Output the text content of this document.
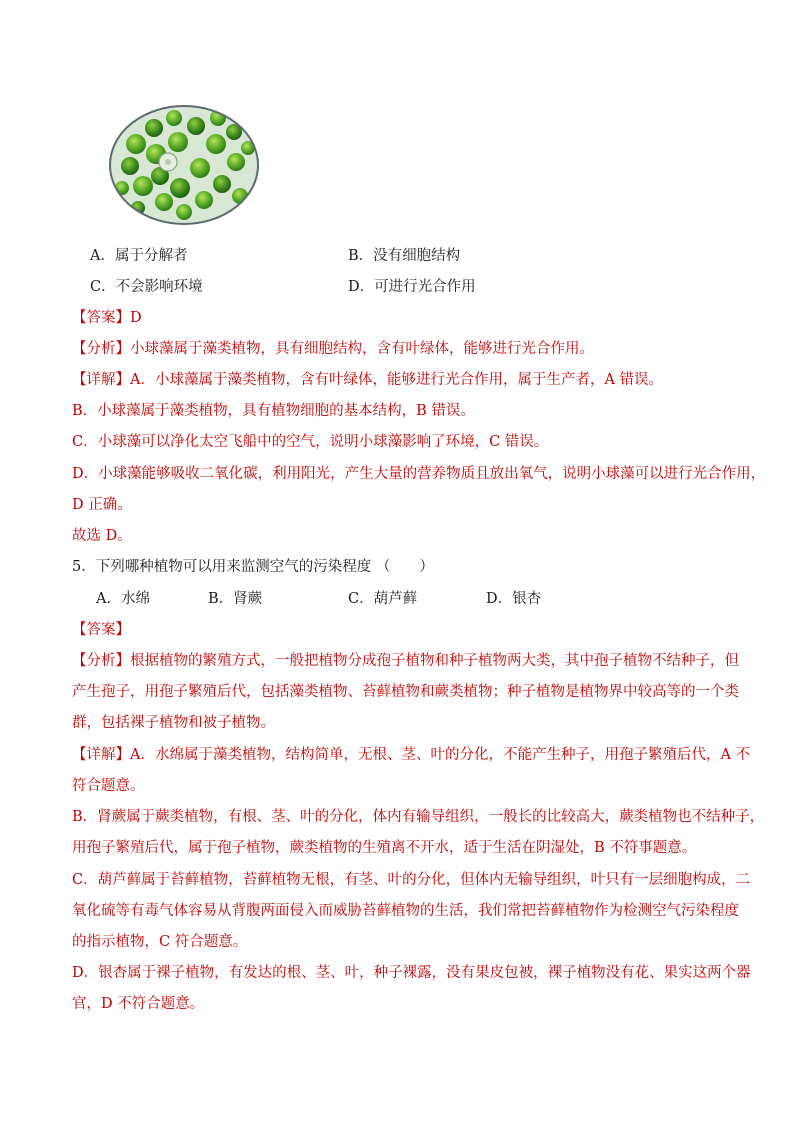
A．属于分解者	B．没有细胞结构
C．不会影响环境	D．可进行光合作用
【答案】D
【分析】小球藻属于藻类植物，具有细胞结构，含有叶绿体，能够进行光合作用。
【详解】A．小球藻属于藻类植物，含有叶绿体，能够进行光合作用，属于生产者，A 错误。
B．小球藻属于藻类植物，具有植物细胞的基本结构，B 错误。
C．小球藻可以净化太空飞船中的空气，说明小球藻影响了环境，C 错误。
D．小球藻能够吸收二氧化碳，利用阳光，产生大量的营养物质且放出氧气，说明小球藻可以进行光合作用，
D 正确。
故选 D。
5．下列哪种植物可以用来监测空气的污染程度 （　　）
A．水绵	B．肾蕨	C．葫芦藓	D．银杏
【答案】
【分析】根据植物的繁殖方式，一般把植物分成孢子植物和种子植物两大类，其中孢子植物不结种子，但
产生孢子，用孢子繁殖后代，包括藻类植物、苔藓植物和蕨类植物；种子植物是植物界中较高等的一个类
群，包括裸子植物和被子植物。
【详解】A．水绵属于藻类植物，结构简单，无根、茎、叶的分化，不能产生种子，用孢子繁殖后代，A 不
符合题意。
B．肾蕨属于蕨类植物，有根、茎、叶的分化，体内有输导组织，一般长的比较高大，蕨类植物也不结种子，
用孢子繁殖后代，属于孢子植物，蕨类植物的生殖离不开水，适于生活在阴湿处，B 不符事题意。
C．葫芦藓属于苔藓植物，苔藓植物无根，有茎、叶的分化，但体内无输导组织，叶只有一层细胞构成，二
氧化硫等有毒气体容易从背腹两面侵入而威胁苔藓植物的生活，我们常把苔藓植物作为检测空气污染程度
的指示植物，C 符合题意。
D．银杏属于裸子植物，有发达的根、茎、叶，种子裸露，没有果皮包被，裸子植物没有花、果实这两个器
官，D 不符合题意。
